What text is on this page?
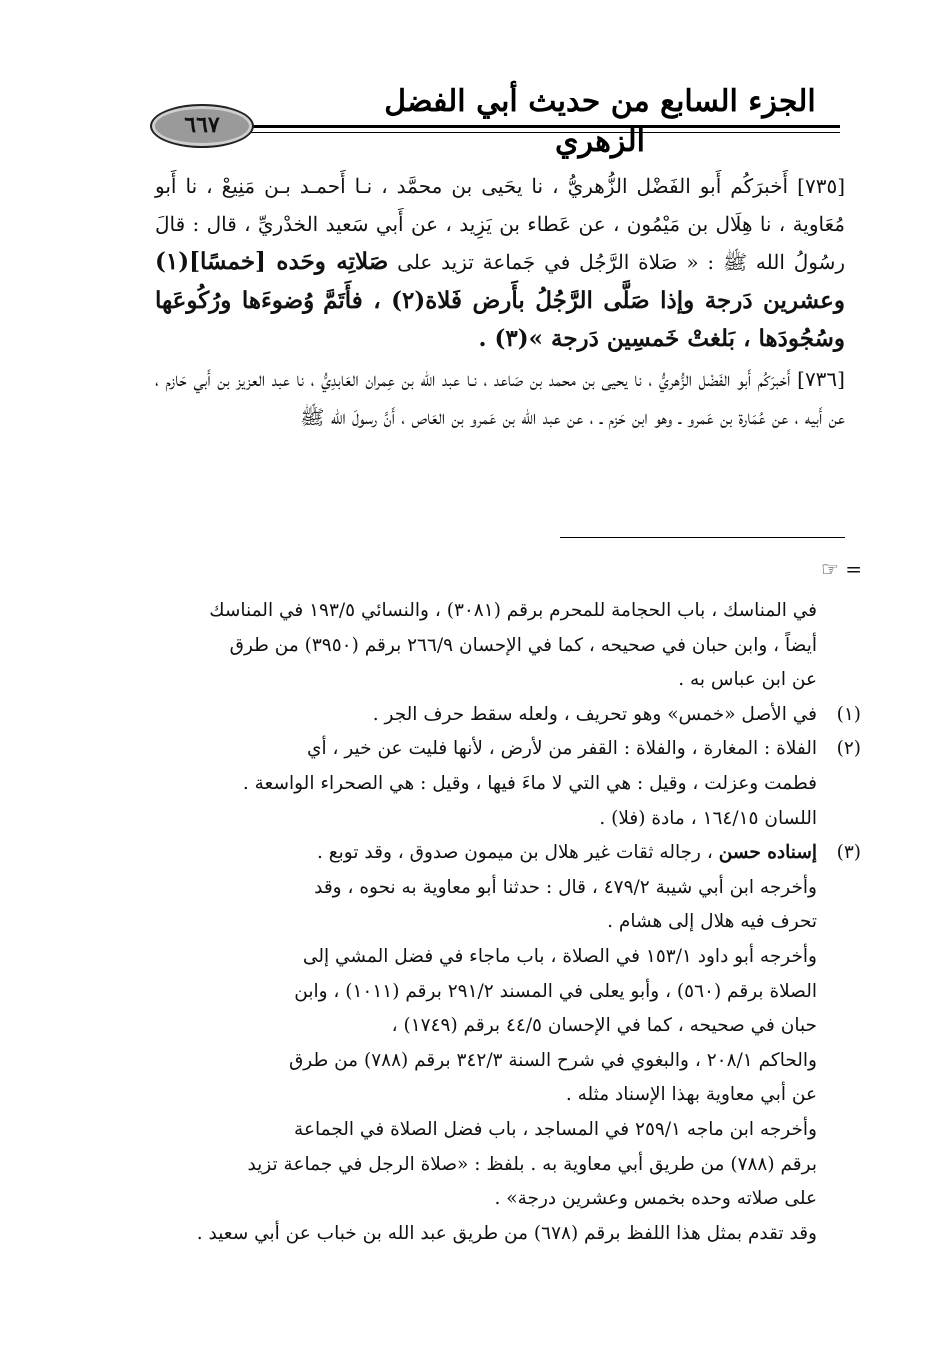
الجزء السابع من حديث أبي الفضل الزهري
٦٦٧

[٧٣٥] أَخبرَكُم أَبو الفَضْل الزُّهريُّ ، نا يحَيى بن محمَّد ، نـا أَحمـد بـن مَنِيعْ ، نا أَبو مُعَاوية ، نا هِلَال بن مَيْمُون ، عن عَطاء بن يَزِيد ، عن أَبي سَعيد الخدْريِّ ، قال : قالَ رسُولُ الله ﷺ : « صَلاة الرَّجُل في جَماعة تزيد على صَلاتِه وحَده [خمسًا](١) وعشرين دَرجة وإذا صَلَّى الرَّجُلُ بأَرض فَلاة(٢) ، فأَتَمَّ وُضوءَها ورُكُوعَها وسُجُودَها ، بَلغتْ خَمسِين دَرجة »(٣) .

[٧٣٦] أَخبرَكُم أَبو الفَضْل الزُّهريُّ ، نا يحيى بن محمد بن صَاعد ، نـا عبد الله بن عِمران العَابدِيُّ ، نا عبد العزيز بن أَبي حَازم ، عن أَبيه ، عن عُمَارة بن عَمرو ـ وهو ابن حَزم ـ ، عن عبد الله بن عَمرو بن العَاص ، أَنَّ رسولَ الله ﷺ

= ☞

في المناسك ، باب الحجامة للمحرم برقم (٣٠٨١) ، والنسائي ١٩٣/٥ في المناسك

أيضاً ، وابن حبان في صحيحه ، كما في الإحسان ٢٦٦/٩ برقم (٣٩٥٠) من طرق

عن ابن عباس به .

(١)في الأصل «خمس» وهو تحريف ، ولعله سقط حرف الجر .

(٢)الفلاة : المغارة ، والفلاة : القفر من لأرض ، لأنها فليت عن خير ، أي

فطمت وعزلت ، وقيل : هي التي لا ماءَ فيها ، وقيل : هي الصحراء الواسعة .

اللسان ١٦٤/١٥ ، مادة (فلا) .

(٣)إسناده حسن ، رجاله ثقات غير هلال بن ميمون صدوق ، وقد توبع .

وأخرجه ابن أبي شيبة ٤٧٩/٢ ، قال : حدثنا أبو معاوية به نحوه ، وقد

تحرف فيه هلال إلى هشام .

وأخرجه أبو داود ١٥٣/١ في الصلاة ، باب ماجاء في فضل المشي إلى

الصلاة برقم (٥٦٠) ، وأبو يعلى في المسند ٢٩١/٢ برقم (١٠١١) ، وابن

حبان في صحيحه ، كما في الإحسان ٤٤/٥ برقم (١٧٤٩) ،

والحاكم ٢٠٨/١ ، والبغوي في شرح السنة ٣٤٢/٣ برقم (٧٨٨) من طرق

عن أبي معاوية بهذا الإسناد مثله .

وأخرجه ابن ماجه ٢٥٩/١ في المساجد ، باب فضل الصلاة في الجماعة

برقم (٧٨٨) من طريق أبي معاوية به . بلفظ : «صلاة الرجل في جماعة تزيد

على صلاته وحده بخمس وعشرين درجة» .

وقد تقدم بمثل هذا اللفظ برقم (٦٧٨) من طريق عبد الله بن خباب عن أبي سعيد .
